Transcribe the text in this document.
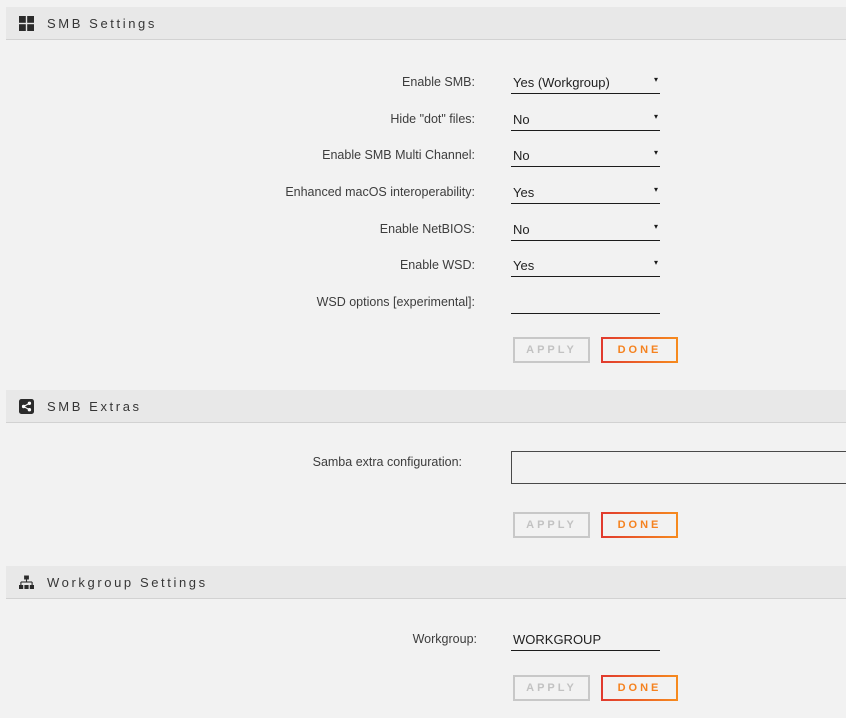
SMB Settings
Enable SMB:	Yes (Workgroup)	▾
Hide "dot" files:	No	▾
Enable SMB Multi Channel:	No	▾
Enhanced macOS interoperability:	Yes	▾
Enable NetBIOS:	No	▾
Enable WSD:	Yes	▾
WSD options [experimental]:
APPLY	DONE
SMB Extras
Samba extra configuration:
APPLY	DONE
Workgroup Settings
Workgroup:
WORKGROUP
APPLY	DONE
